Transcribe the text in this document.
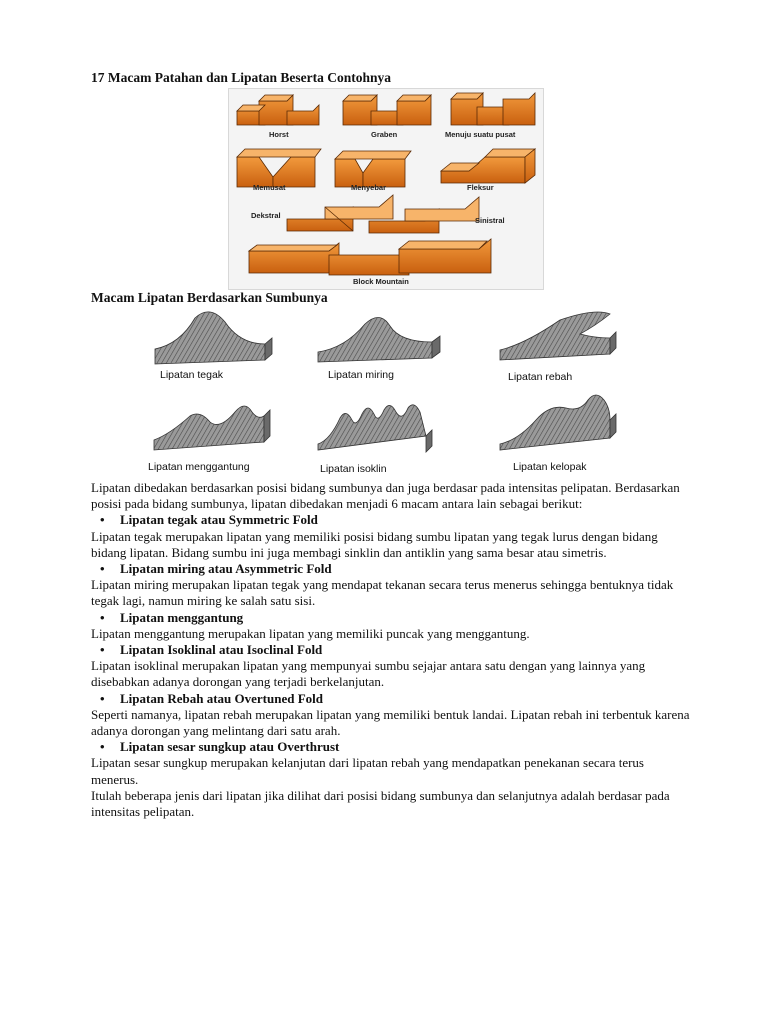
17 Macam Patahan dan Lipatan Beserta Contohnya
Horst	Graben	Menuju suatu pusat
Memusat	Menyebar	Fleksur
Dekstral
Sinistral
Block Mountain
Macam Lipatan Berdasarkan Sumbunya
Lipatan tegak	Lipatan miring	Lipatan rebah
Lipatan menggantung	Lipatan isoklin	Lipatan kelopak

Lipatan dibedakan berdasarkan posisi bidang sumbunya dan juga berdasar pada intensitas pelipatan. Berdasarkan posisi pada bidang sumbunya, lipatan dibedakan menjadi 6 macam antara lain sebagai berikut:

• Lipatan tegak atau Symmetric Fold

Lipatan tegak merupakan lipatan yang memiliki posisi bidang sumbu lipatan yang tegak lurus dengan bidang bidang lipatan. Bidang sumbu ini juga membagi sinklin dan antiklin yang sama besar atau simetris.

• Lipatan miring atau Asymmetric Fold

Lipatan miring merupakan lipatan tegak yang mendapat tekanan secara terus menerus sehingga bentuknya tidak tegak lagi, namun miring ke salah satu sisi.

• Lipatan menggantung

Lipatan menggantung merupakan lipatan yang memiliki puncak yang menggantung.

• Lipatan Isoklinal atau Isoclinal Fold

Lipatan isoklinal merupakan lipatan yang mempunyai sumbu sejajar antara satu dengan yang lainnya yang disebabkan adanya dorongan yang terjadi berkelanjutan.

• Lipatan Rebah atau Overtuned Fold

Seperti namanya, lipatan rebah merupakan lipatan yang memiliki bentuk landai. Lipatan rebah ini terbentuk karena adanya dorongan yang melintang dari satu arah.

• Lipatan sesar sungkup atau Overthrust

Lipatan sesar sungkup merupakan kelanjutan dari lipatan rebah yang mendapatkan penekanan secara terus menerus.

Itulah beberapa jenis dari lipatan jika dilihat dari posisi bidang sumbunya dan selanjutnya adalah berdasar pada intensitas pelipatan.
